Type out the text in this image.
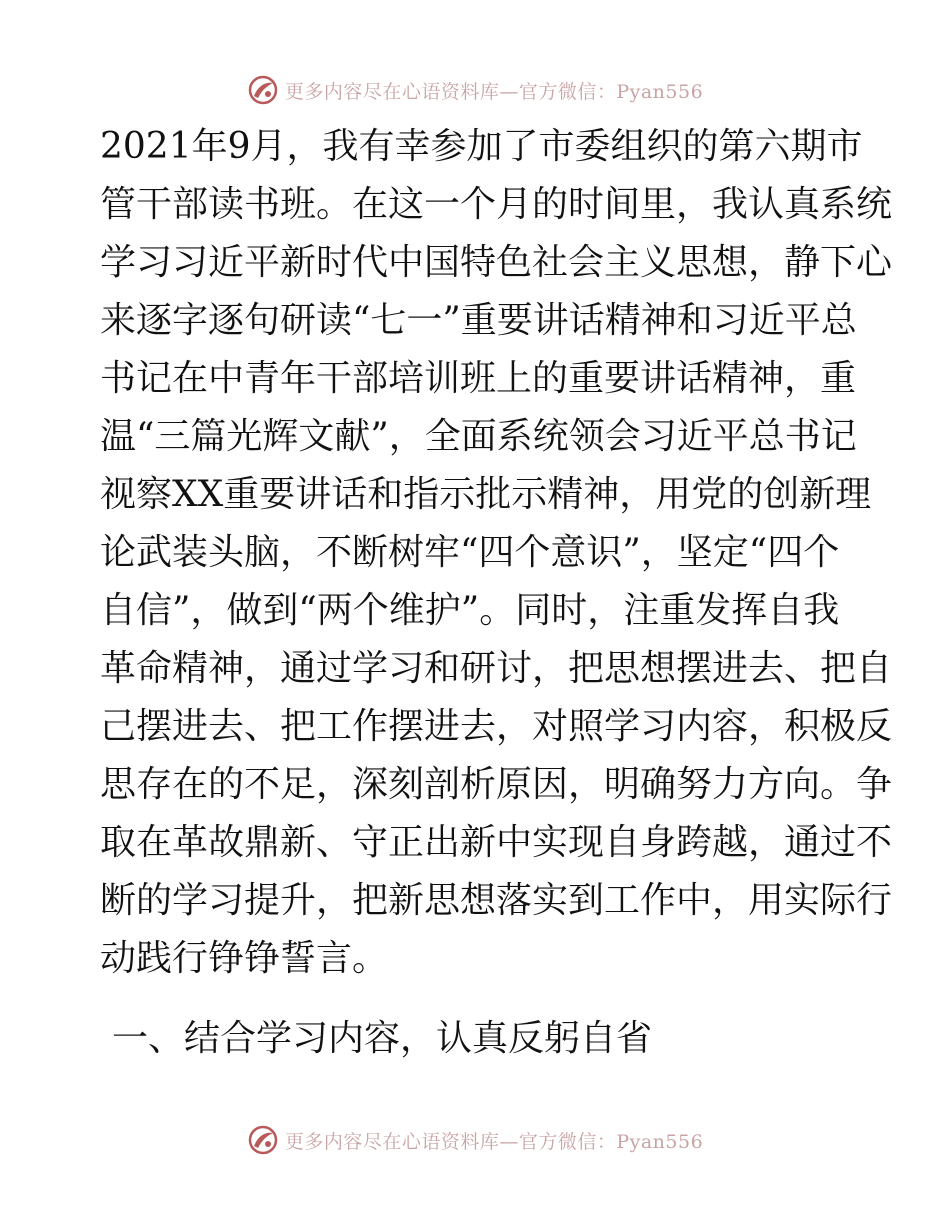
更多内容尽在心语资料库—官方微信：Pyan556
2021年9月，我有幸参加了市委组织的第六期市
管干部读书班。在这一个月的时间里，我认真系统
学习习近平新时代中国特色社会主义思想，静下心
来逐字逐句研读“七一”重要讲话精神和习近平总
书记在中青年干部培训班上的重要讲话精神，重
温“三篇光辉文献”，全面系统领会习近平总书记
视察XX重要讲话和指示批示精神，用党的创新理
论武装头脑，不断树牢“四个意识”，坚定“四个
自信”，做到“两个维护”。同时，注重发挥自我
革命精神，通过学习和研讨，把思想摆进去、把自
己摆进去、把工作摆进去，对照学习内容，积极反
思存在的不足，深刻剖析原因，明确努力方向。争
取在革故鼎新、守正出新中实现自身跨越，通过不
断的学习提升，把新思想落实到工作中，用实际行
动践行铮铮誓言。
一、结合学习内容，认真反躬自省
更多内容尽在心语资料库—官方微信：Pyan556
